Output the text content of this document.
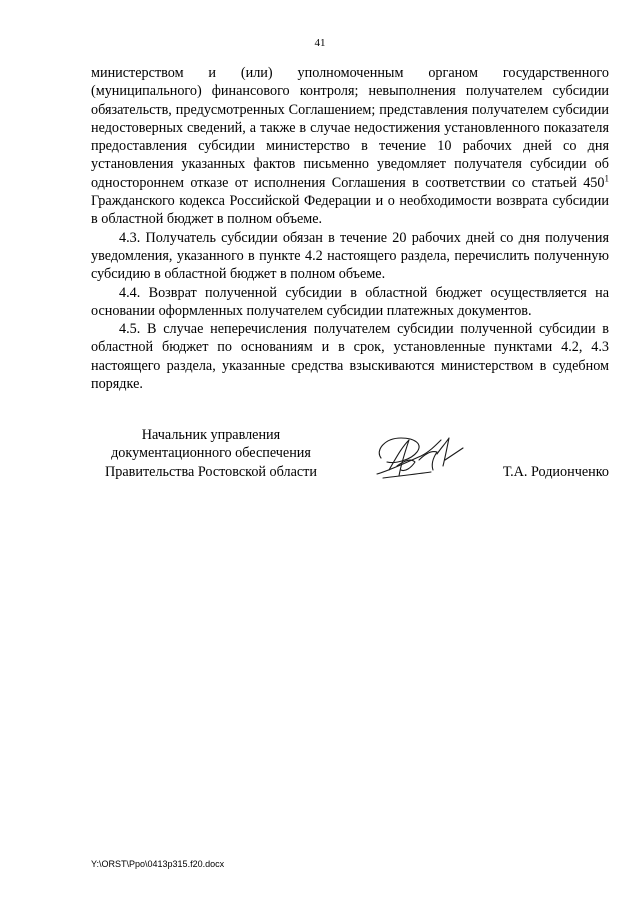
41

министерством и (или) уполномоченным органом государственного (муниципального) финансового контроля; невыполнения получателем субсидии обязательств, предусмотренных Соглашением; представления получателем субсидии недостоверных сведений, а также в случае недостижения установленного показателя предоставления субсидии министерство в течение 10 рабочих дней со дня установления указанных фактов письменно уведомляет получателя субсидии об одностороннем отказе от исполнения Соглашения в соответствии со статьей $450^1$ Гражданского кодекса Российской Федерации и о необходимости возврата субсидии в областной бюджет в полном объеме.

4.3. Получатель субсидии обязан в течение 20 рабочих дней со дня получения уведомления, указанного в пункте 4.2 настоящего раздела, перечислить полученную субсидию в областной бюджет в полном объеме.

4.4. Возврат полученной субсидии в областной бюджет осуществляется на основании оформленных получателем субсидии платежных документов.

4.5. В случае неперечисления получателем субсидии полученной субсидии в областной бюджет по основаниям и в срок, установленные пунктами 4.2, 4.3 настоящего раздела, указанные средства взыскиваются министерством в судебном порядке.

Начальник управления
документационного обеспечения
Правительства Ростовской области	Т.А. Родионченко
Y:\ORST\Ppo\0413p315.f20.docx
